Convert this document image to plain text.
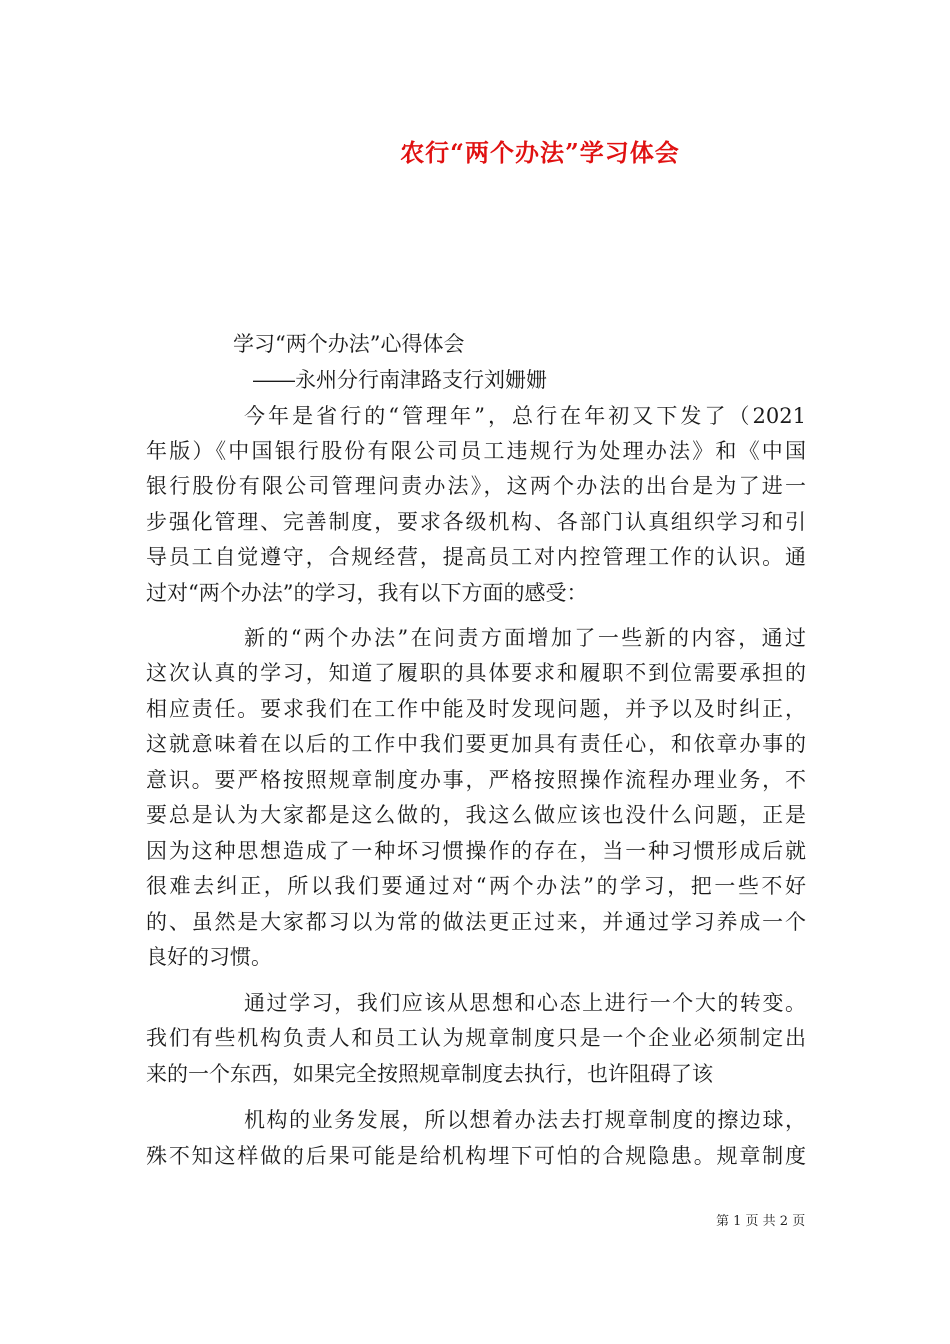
农行“两个办法”学习体会
学习“两个办法”心得体会
――永州分行南津路支行刘姗姗
今年是省行的“管理年”，总行在年初又下发了（2021
年版）《中国银行股份有限公司员工违规行为处理办法》和《中国
银行股份有限公司管理问责办法》，这两个办法的出台是为了进一
步强化管理、完善制度，要求各级机构、各部门认真组织学习和引
导员工自觉遵守，合规经营，提高员工对内控管理工作的认识。通
过对“两个办法”的学习，我有以下方面的感受：
新的“两个办法”在问责方面增加了一些新的内容，通过
这次认真的学习，知道了履职的具体要求和履职不到位需要承担的
相应责任。要求我们在工作中能及时发现问题，并予以及时纠正，
这就意味着在以后的工作中我们要更加具有责任心，和依章办事的
意识。要严格按照规章制度办事，严格按照操作流程办理业务，不
要总是认为大家都是这么做的，我这么做应该也没什么问题，正是
因为这种思想造成了一种坏习惯操作的存在，当一种习惯形成后就
很难去纠正，所以我们要通过对“两个办法”的学习，把一些不好
的、虽然是大家都习以为常的做法更正过来，并通过学习养成一个
良好的习惯。
通过学习，我们应该从思想和心态上进行一个大的转变。
我们有些机构负责人和员工认为规章制度只是一个企业必须制定出
来的一个东西，如果完全按照规章制度去执行，也许阻碍了该
机构的业务发展，所以想着办法去打规章制度的擦边球，
殊不知这样做的后果可能是给机构埋下可怕的合规隐患。规章制度
第 1 页 共 2 页
